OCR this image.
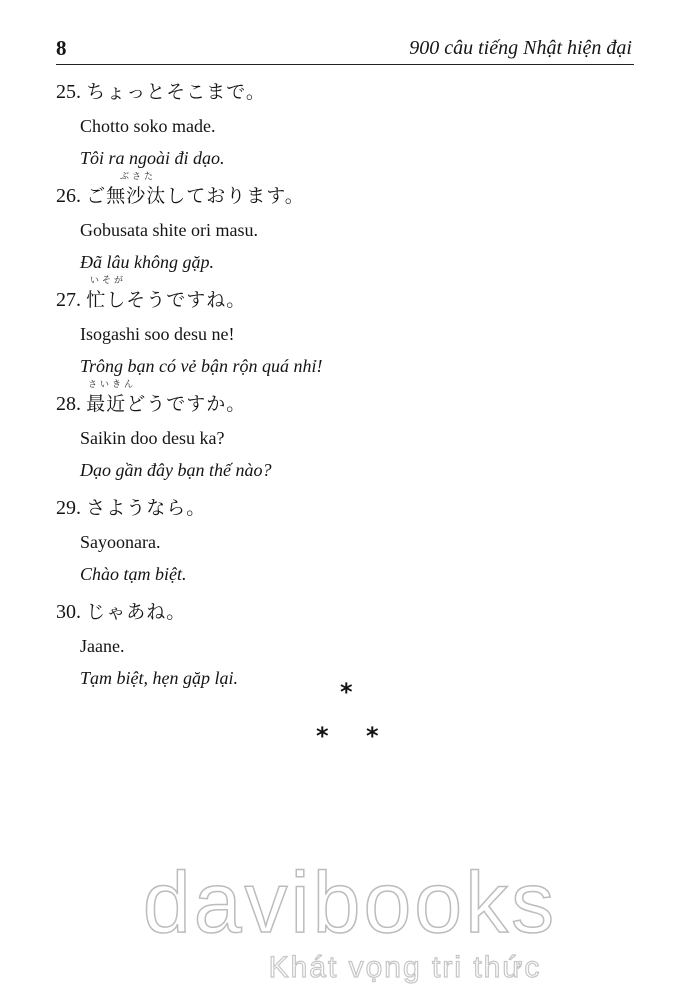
8	900 câu tiếng Nhật hiện đại
25. ちょっとそこまで。
Chotto soko made.
Tôi ra ngoài đi dạo.
ぶさた
26. ご無沙汰しております。
Gobusata shite ori masu.
Đã lâu không gặp.
いそが
27. 忙しそうですね。
Isogashi soo desu ne!
Trông bạn có vẻ bận rộn quá nhỉ!
さいきん
28. 最近どうですか。
Saikin doo desu ka?
Dạo gần đây bạn thế nào?
29. さようなら。
Sayoonara.
Chào tạm biệt.
30. じゃあね。
Jaane.
Tạm biệt, hẹn gặp lại.	*
* *
davibooks
Khát vọng tri thức
